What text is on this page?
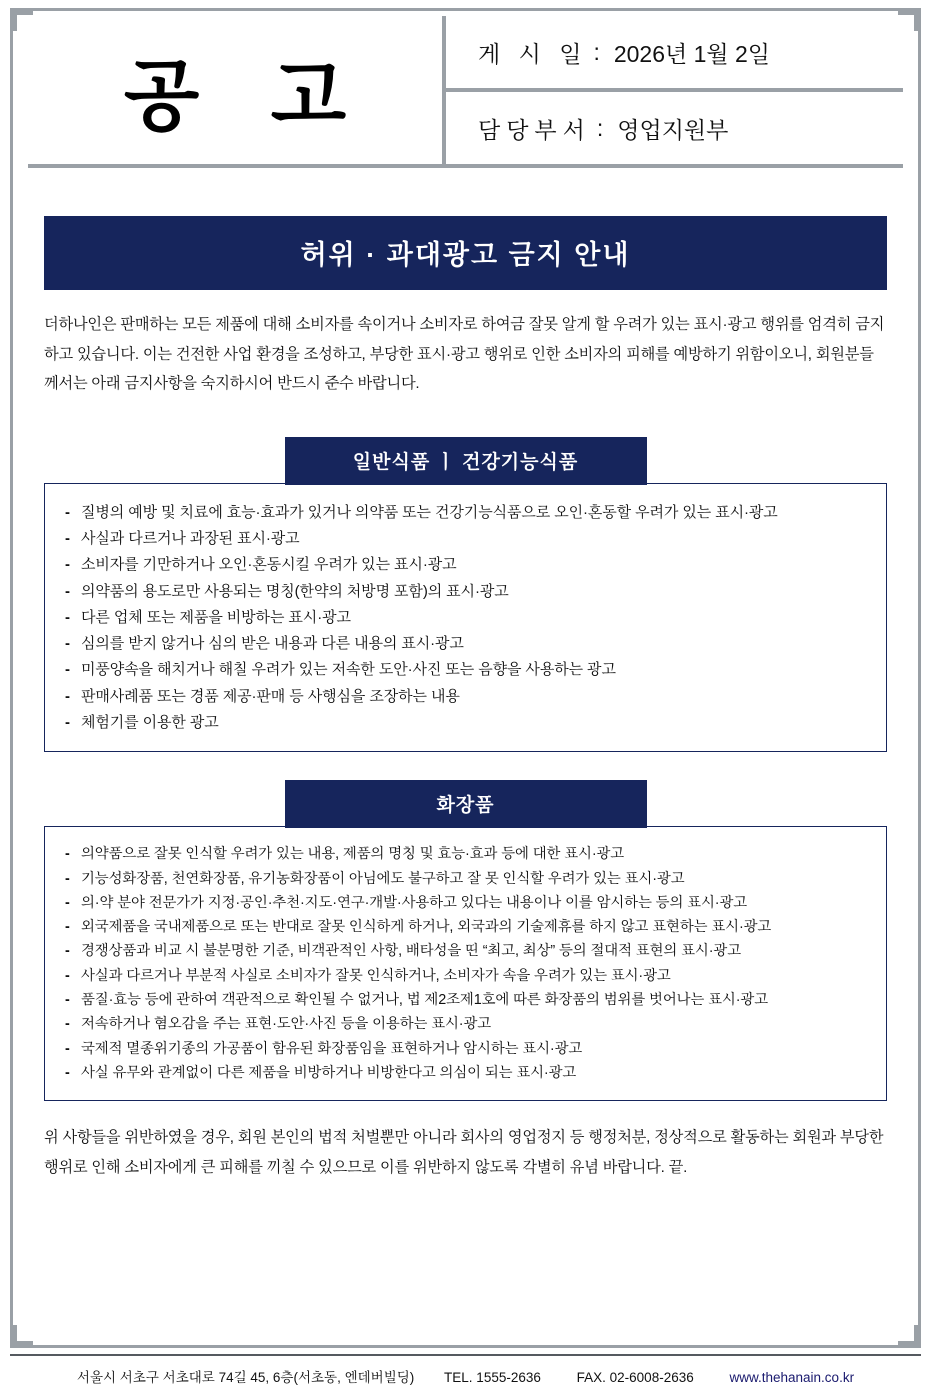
공 고	게 시 일 : 2026년 1월 2일
담당부서 : 영업지원부
허위 · 과대광고 금지 안내

더하나인은 판매하는 모든 제품에 대해 소비자를 속이거나 소비자로 하여금 잘못 알게 할 우려가 있는 표시·광고 행위를 엄격히 금지하고 있습니다. 이는 건전한 사업 환경을 조성하고, 부당한 표시·광고 행위로 인한 소비자의 피해를 예방하기 위함이오니, 회원분들께서는 아래 금지사항을 숙지하시어 반드시 준수 바랍니다.

일반식품 ㅣ 건강기능식품
- 질병의 예방 및 치료에 효능·효과가 있거나 의약품 또는 건강기능식품으로 오인·혼동할 우려가 있는 표시·광고
- 사실과 다르거나 과장된 표시·광고
- 소비자를 기만하거나 오인·혼동시킬 우려가 있는 표시·광고
- 의약품의 용도로만 사용되는 명칭(한약의 처방명 포함)의 표시·광고
- 다른 업체 또는 제품을 비방하는 표시·광고
- 심의를 받지 않거나 심의 받은 내용과 다른 내용의 표시·광고
- 미풍양속을 해치거나 해칠 우려가 있는 저속한 도안·사진 또는 음향을 사용하는 광고
- 판매사례품 또는 경품 제공·판매 등 사행심을 조장하는 내용
- 체험기를 이용한 광고
화장품
- 의약품으로 잘못 인식할 우려가 있는 내용, 제품의 명칭 및 효능·효과 등에 대한 표시·광고
- 기능성화장품, 천연화장품, 유기농화장품이 아님에도 불구하고 잘 못 인식할 우려가 있는 표시·광고
- 의·약 분야 전문가가 지정·공인·추천·지도·연구·개발·사용하고 있다는 내용이나 이를 암시하는 등의 표시·광고
- 외국제품을 국내제품으로 또는 반대로 잘못 인식하게 하거나, 외국과의 기술제휴를 하지 않고 표현하는 표시·광고
- 경쟁상품과 비교 시 불분명한 기준, 비객관적인 사항, 배타성을 띤 “최고, 최상” 등의 절대적 표현의 표시·광고
- 사실과 다르거나 부분적 사실로 소비자가 잘못 인식하거나, 소비자가 속을 우려가 있는 표시·광고
- 품질·효능 등에 관하여 객관적으로 확인될 수 없거나, 법 제2조제1호에 따른 화장품의 범위를 벗어나는 표시·광고
- 저속하거나 혐오감을 주는 표현·도안·사진 등을 이용하는 표시·광고
- 국제적 멸종위기종의 가공품이 함유된 화장품임을 표현하거나 암시하는 표시·광고
- 사실 유무와 관계없이 다른 제품을 비방하거나 비방한다고 의심이 되는 표시·광고

위 사항들을 위반하였을 경우, 회원 본인의 법적 처벌뿐만 아니라 회사의 영업정지 등 행정처분, 정상적으로 활동하는 회원과 부당한 행위로 인해 소비자에게 큰 피해를 끼칠 수 있으므로 이를 위반하지 않도록 각별히 유념 바랍니다. 끝.

서울시 서초구 서초대로 74길 45, 6층(서초동, 엔데버빌딩) TEL. 1555-2636	FAX. 02-6008-2636	www.thehanain.co.kr
